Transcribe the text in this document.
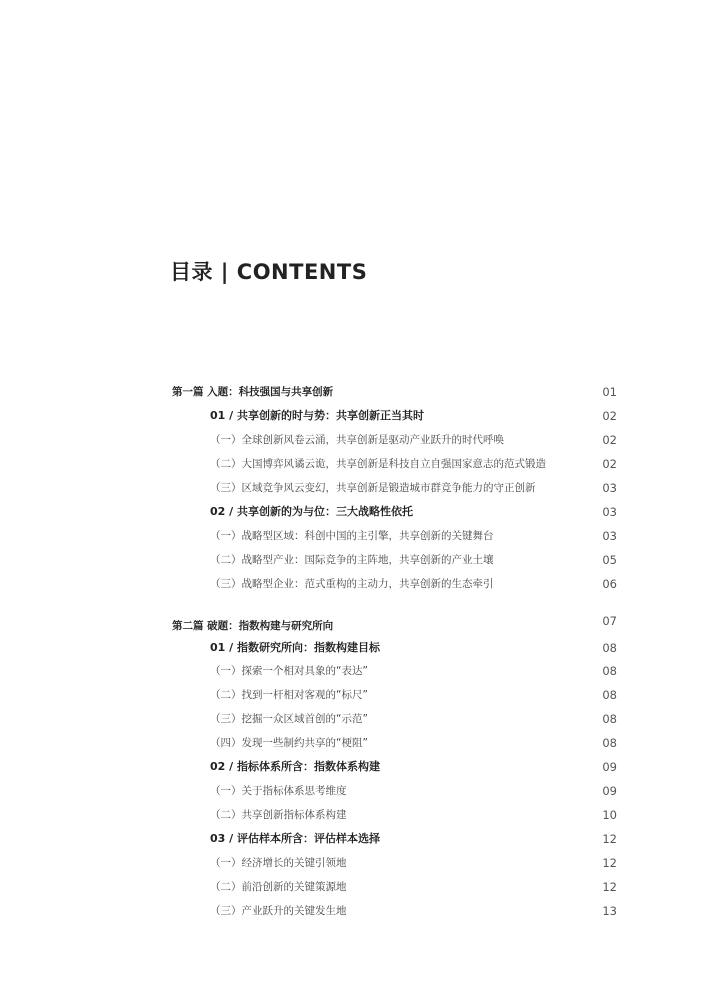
目录 | CONTENTS
第一篇 入题：科技强国与共享创新	01
01 / 共享创新的时与势：共享创新正当其时	02
（一）全球创新风卷云涌，共享创新是驱动产业跃升的时代呼唤	02
（二）大国博弈风谲云诡，共享创新是科技自立自强国家意志的范式锻造	02
（三）区域竞争风云变幻，共享创新是锻造城市群竞争能力的守正创新	03
02 / 共享创新的为与位：三大战略性依托	03
（一）战略型区域：科创中国的主引擎，共享创新的关键舞台	03
（二）战略型产业：国际竞争的主阵地，共享创新的产业土壤	05
（三）战略型企业：范式重构的主动力，共享创新的生态牵引	06
第二篇 破题：指数构建与研究所向	07
01 / 指数研究所向：指数构建目标	08
（一）探索一个相对具象的“表达”	08
（二）找到一杆相对客观的“标尺”	08
（三）挖掘一众区域首创的“示范”	08
（四）发现一些制约共享的“梗阻”	08
02 / 指标体系所含：指数体系构建	09
（一）关于指标体系思考维度	09
（二）共享创新指标体系构建	10
03 / 评估样本所含：评估样本选择	12
（一）经济增长的关键引领地	12
（二）前沿创新的关键策源地	12
（三）产业跃升的关键发生地	13
